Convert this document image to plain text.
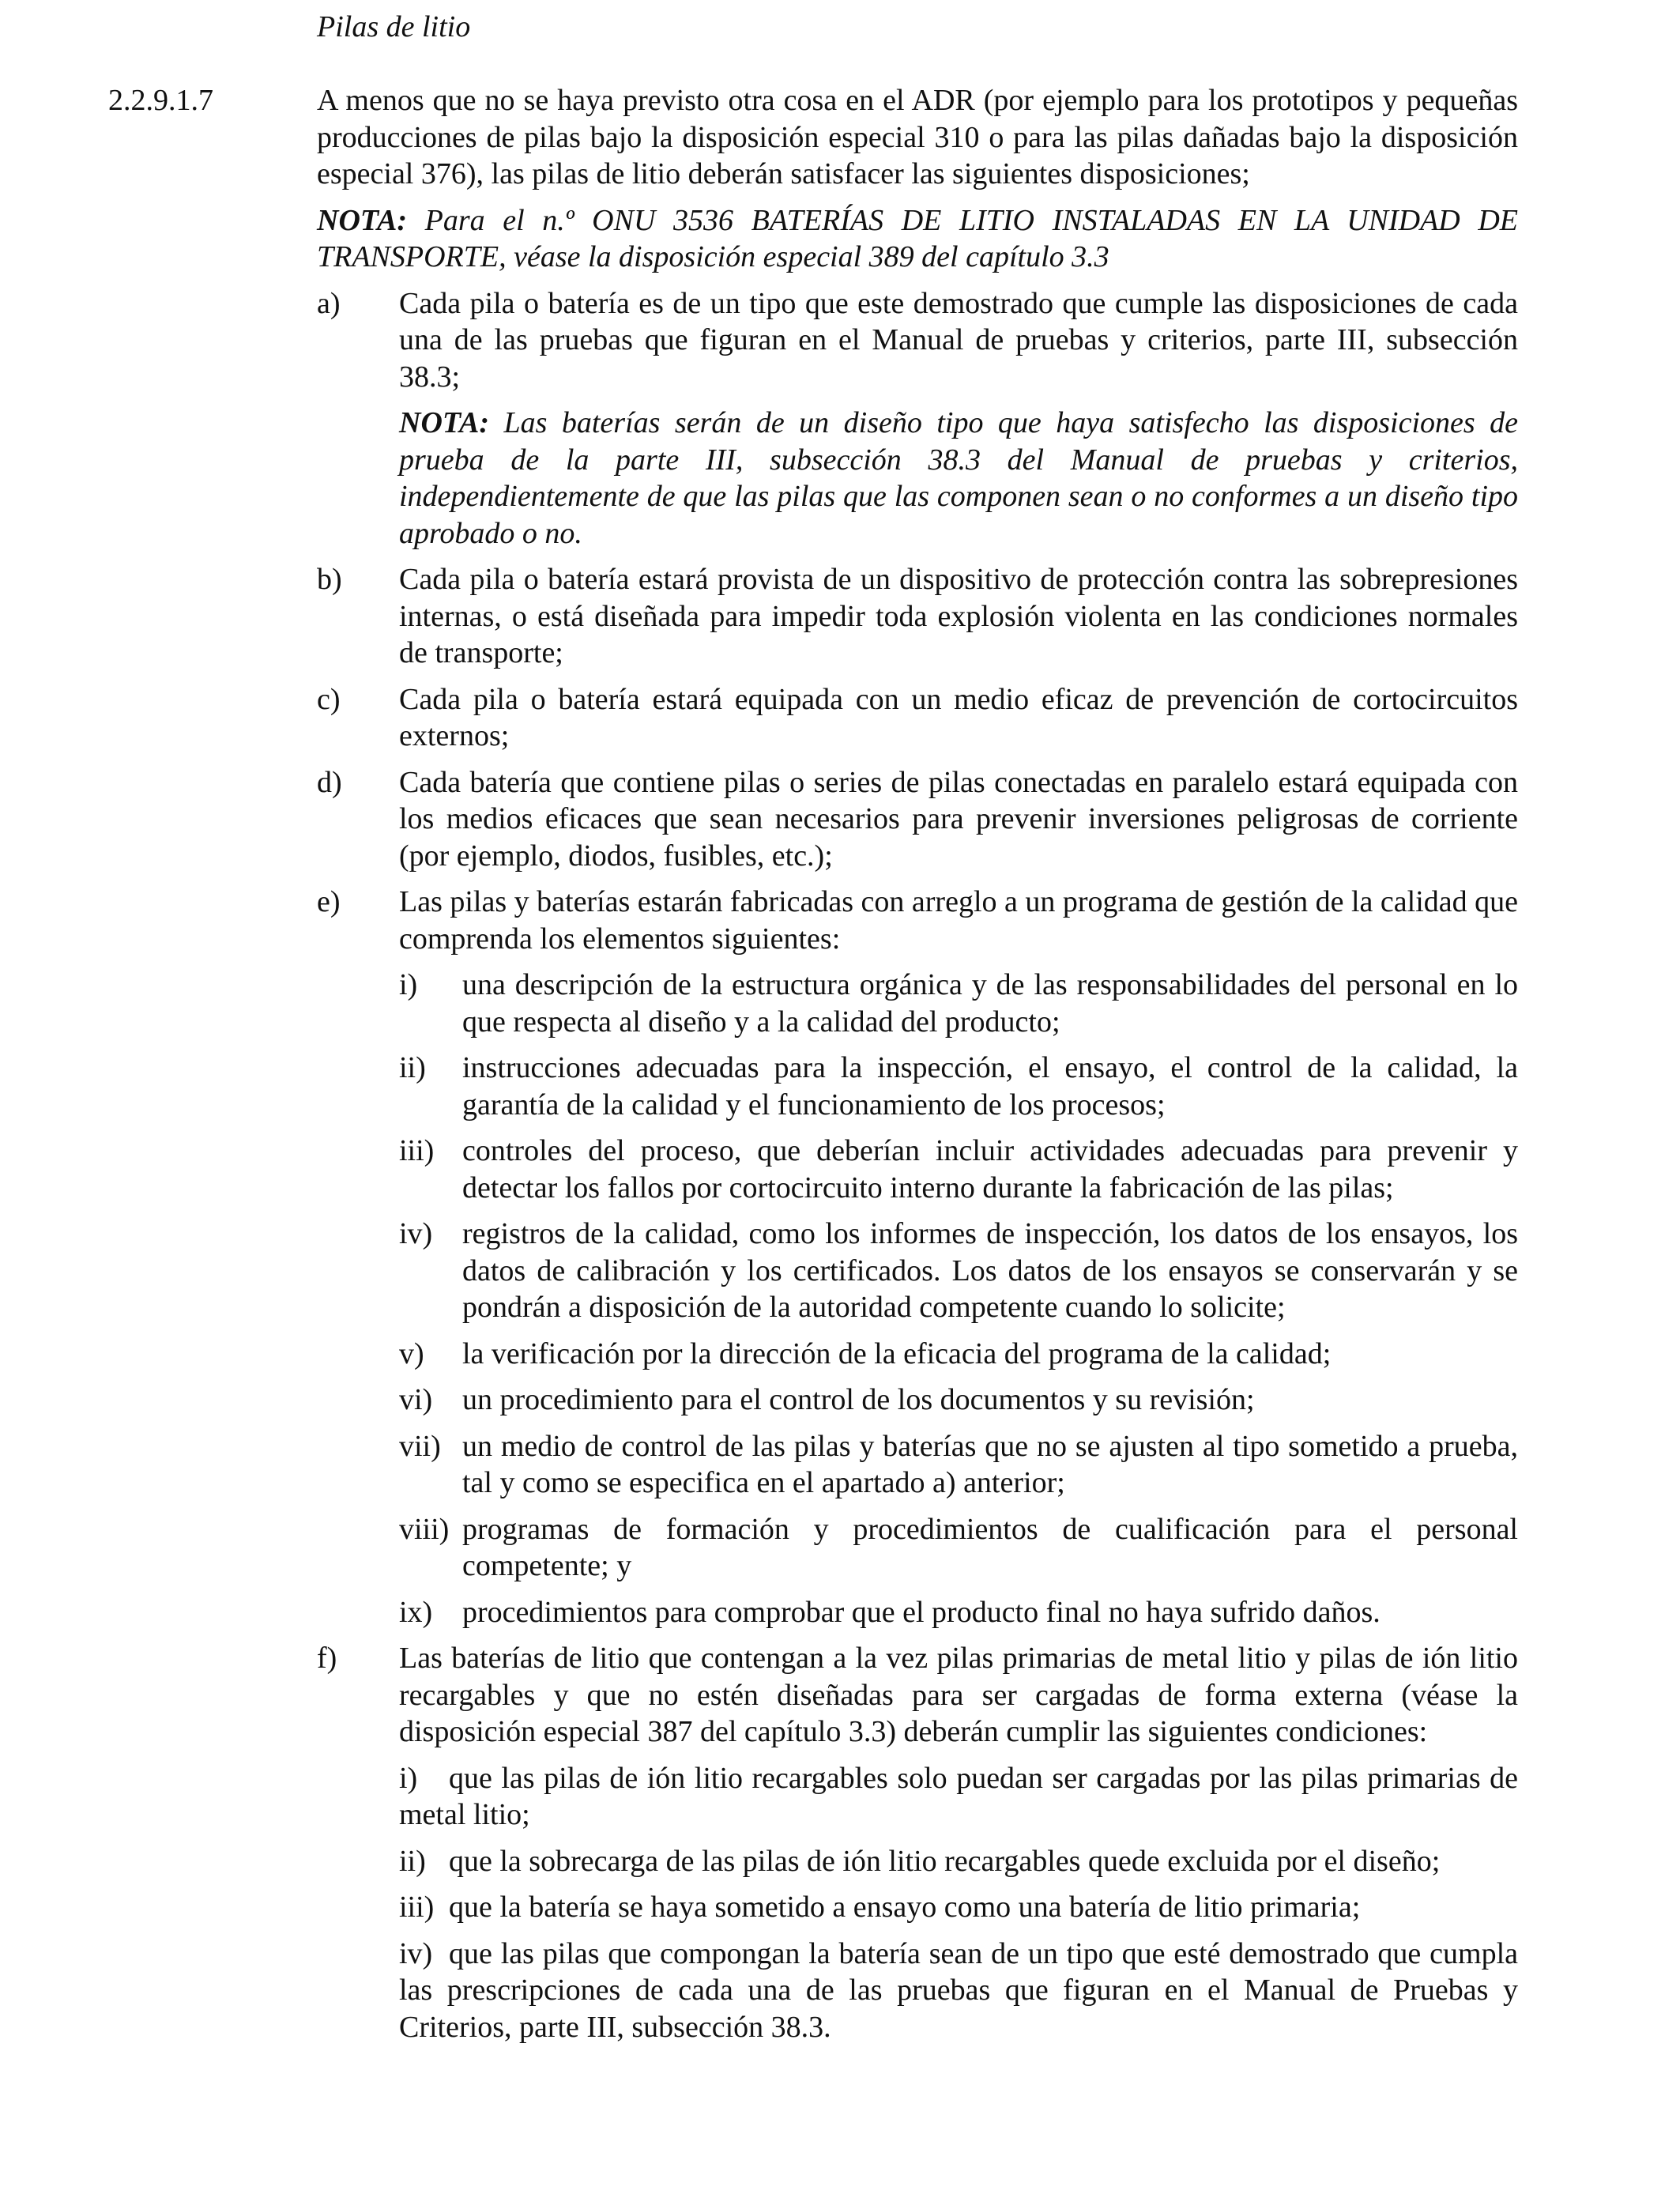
Pilas de litio
2.2.9.1.7	A menos que no se haya previsto otra cosa en el ADR (por ejemplo para los prototipos y pequeñas producciones de pilas bajo la disposición especial 310 o para las pilas dañadas bajo la disposición especial 376), las pilas de litio deberán satisfacer las siguientes disposiciones;

NOTA: Para el n.º ONU 3536 BATERÍAS DE LITIO INSTALADAS EN LA UNIDAD DE TRANSPORTE, véase la disposición especial 389 del capítulo 3.3

a)	Cada pila o batería es de un tipo que este demostrado que cumple las disposiciones de cada una de las pruebas que figuran en el Manual de pruebas y criterios, parte III, subsección 38.3;

NOTA: Las baterías serán de un diseño tipo que haya satisfecho las disposiciones de prueba de la parte III, subsección 38.3 del Manual de pruebas y criterios, independientemente de que las pilas que las componen sean o no conformes a un diseño tipo aprobado o no.

b)	Cada pila o batería estará provista de un dispositivo de protección contra las sobrepresiones internas, o está diseñada para impedir toda explosión violenta en las condiciones normales de transporte;

c)	Cada pila o batería estará equipada con un medio eficaz de prevención de cortocircuitos externos;

d)	Cada batería que contiene pilas o series de pilas conectadas en paralelo estará equipada con los medios eficaces que sean necesarios para prevenir inversiones peligrosas de corriente (por ejemplo, diodos, fusibles, etc.);

e)	Las pilas y baterías estarán fabricadas con arreglo a un programa de gestión de la calidad que comprenda los elementos siguientes:

i)	una descripción de la estructura orgánica y de las responsabilidades del personal en lo que respecta al diseño y a la calidad del producto;
ii)	instrucciones adecuadas para la inspección, el ensayo, el control de la calidad, la garantía de la calidad y el funcionamiento de los procesos;
iii) controles del proceso, que deberían incluir actividades adecuadas para prevenir y detectar los fallos por cortocircuito interno durante la fabricación de las pilas;
iv) registros de la calidad, como los informes de inspección, los datos de los ensayos, los datos de calibración y los certificados. Los datos de los ensayos se conservarán y se pondrán a disposición de la autoridad competente cuando lo solicite;
v)	la verificación por la dirección de la eficacia del programa de la calidad;
vi) un procedimiento para el control de los documentos y su revisión;
vii) un medio de control de las pilas y baterías que no se ajusten al tipo sometido a prueba, tal y como se especifica en el apartado a) anterior;
viii) programas de formación y procedimientos de cualificación para el personal competente; y
ix) procedimientos para comprobar que el producto final no haya sufrido daños.
f)	Las baterías de litio que contengan a la vez pilas primarias de metal litio y pilas de ión litio recargables y que no estén diseñadas para ser cargadas de forma externa (véase la disposición especial 387 del capítulo 3.3) deberán cumplir las siguientes condiciones:

i) que las pilas de ión litio recargables solo puedan ser cargadas por las pilas primarias de metal litio;

ii) que la sobrecarga de las pilas de ión litio recargables quede excluida por el diseño;

iii) que la batería se haya sometido a ensayo como una batería de litio primaria;

iv) que las pilas que compongan la batería sean de un tipo que esté demostrado que cumpla las prescripciones de cada una de las pruebas que figuran en el Manual de Pruebas y Criterios, parte III, subsección 38.3.
